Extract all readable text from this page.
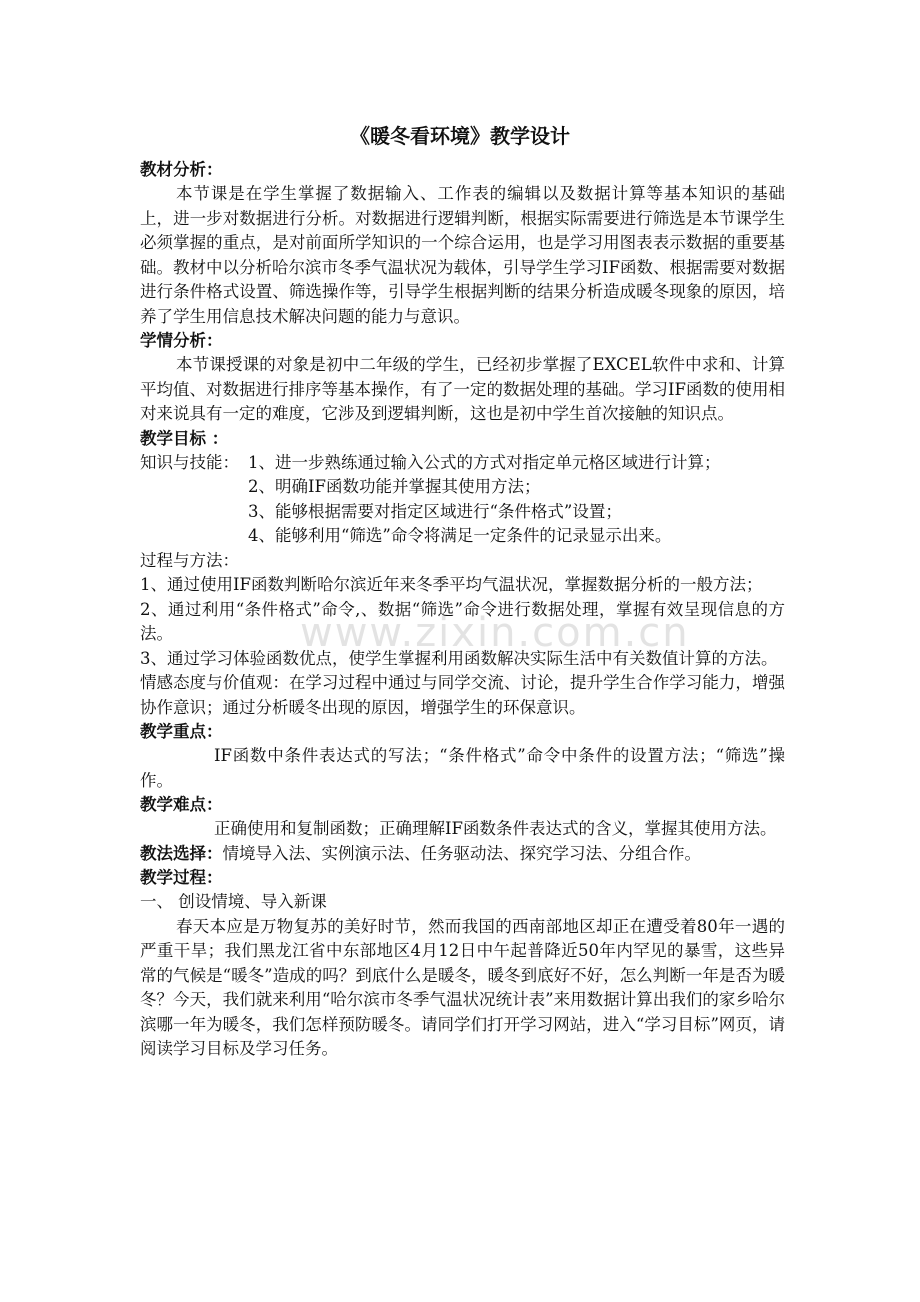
www.zixin.com.cn
《暖冬看环境》教学设计
教材分析：
本节课是在学生掌握了数据输入、工作表的编辑以及数据计算等基本知识的基础上，进一步对数据进行分析。对数据进行逻辑判断，根据实际需要进行筛选是本节课学生必须掌握的重点，是对前面所学知识的一个综合运用，也是学习用图表表示数据的重要基础。教材中以分析哈尔滨市冬季气温状况为载体，引导学生学习IF函数、根据需要对数据进行条件格式设置、筛选操作等，引导学生根据判断的结果分析造成暖冬现象的原因，培养了学生用信息技术解决问题的能力与意识。
学情分析：
本节课授课的对象是初中二年级的学生，已经初步掌握了EXCEL软件中求和、计算平均值、对数据进行排序等基本操作，有了一定的数据处理的基础。学习IF函数的使用相对来说具有一定的难度，它涉及到逻辑判断，这也是初中学生首次接触的知识点。
教学目标 ：
知识与技能： 1、进一步熟练通过输入公式的方式对指定单元格区域进行计算；
2、明确IF函数功能并掌握其使用方法；
3、能够根据需要对指定区域进行“条件格式”设置；
4、能够利用“筛选”命令将满足一定条件的记录显示出来。
过程与方法：
1、通过使用IF函数判断哈尔滨近年来冬季平均气温状况，掌握数据分析的一般方法；
2、通过利用“条件格式”命令,、数据“筛选”命令进行数据处理，掌握有效呈现信息的方法。
3、通过学习体验函数优点，使学生掌握利用函数解决实际生活中有关数值计算的方法。
情感态度与价值观：在学习过程中通过与同学交流、讨论，提升学生合作学习能力，增强协作意识；通过分析暖冬出现的原因，增强学生的环保意识。
教学重点：
IF函数中条件表达式的写法；“条件格式”命令中条件的设置方法；“筛选”操作。
教学难点：
正确使用和复制函数；正确理解IF函数条件表达式的含义，掌握其使用方法。
教法选择：情境导入法、实例演示法、任务驱动法、探究学习法、分组合作。
教学过程：
一、 创设情境、导入新课
春天本应是万物复苏的美好时节，然而我国的西南部地区却正在遭受着80年一遇的严重干旱；我们黑龙江省中东部地区4月12日中午起普降近50年内罕见的暴雪，这些异常的气候是“暖冬”造成的吗？到底什么是暖冬，暖冬到底好不好，怎么判断一年是否为暖冬？今天，我们就来利用“哈尔滨市冬季气温状况统计表”来用数据计算出我们的家乡哈尔滨哪一年为暖冬，我们怎样预防暖冬。请同学们打开学习网站，进入“学习目标”网页，请阅读学习目标及学习任务。
